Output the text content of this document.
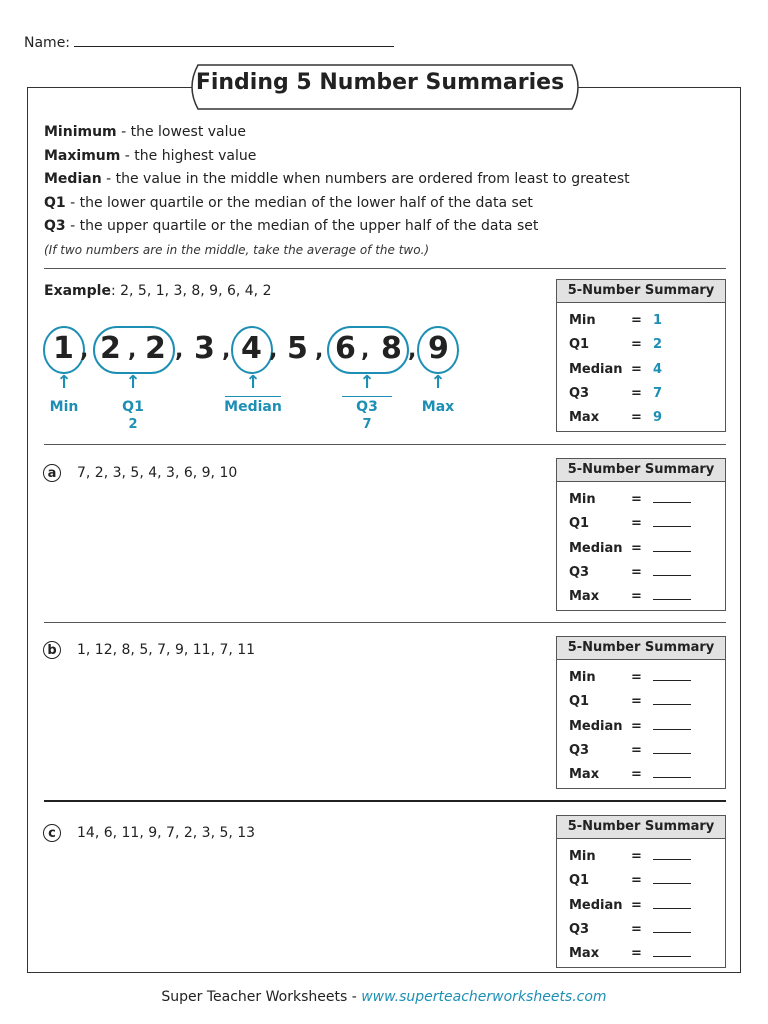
Name:
Finding 5 Number Summaries
Minimum - the lowest value
Maximum - the highest value
Median - the value in the middle when numbers are ordered from least to greatest
Q1 - the lower quartile or the median of the lower half of the data set
Q3 - the upper quartile or the median of the upper half of the data set
(If two numbers are in the middle, take the average of the two.)
Example: 2, 5, 1, 3, 8, 9, 6, 4, 2
1 , 2 , 2 , 3 , 4 , 5 , 6 , 8 , 9
↑
Min
↑
Q1
2
↑
Median
↑
Q3
7
↑
Max
5-Number Summary
Min	= 1
Q1	= 2
Median = 4
Q3	= 7
Max = 9
a	7, 2, 3, 5, 4, 3, 6, 9, 10	5-Number Summary
Min	=
Q1	=
Median =
Q3	=
Max =
b	1, 12, 8, 5, 7, 9, 11, 7, 11	5-Number Summary
Min	=
Q1	=
Median =
Q3	=
Max =
c	14, 6, 11, 9, 7, 2, 3, 5, 13	5-Number Summary
Min	=
Q1	=
Median =
Q3	=
Max =
Super Teacher Worksheets - www.superteacherworksheets.com
